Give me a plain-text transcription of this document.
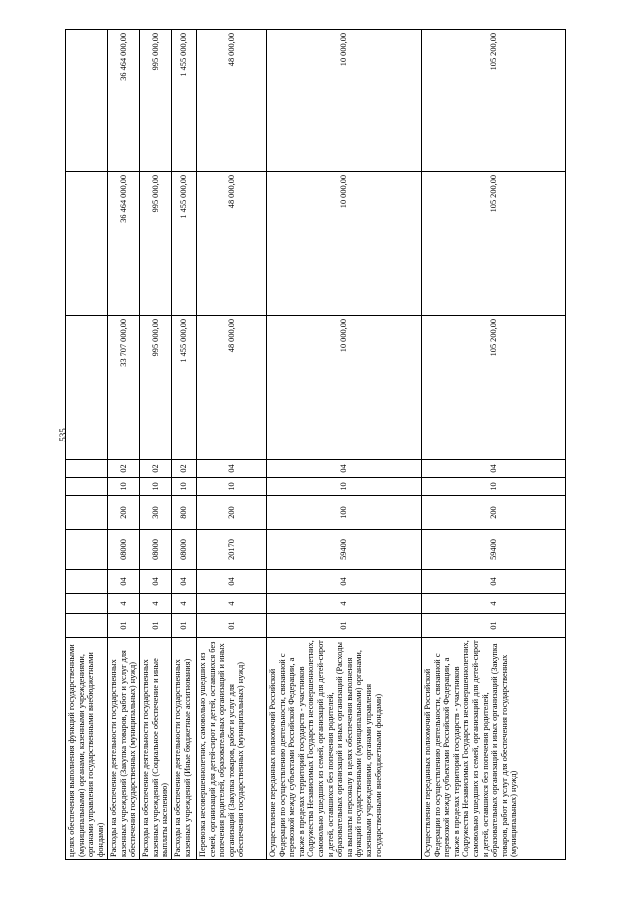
535
целях обеспечения выполнения функций государственными (муниципальными) органами, казенными учреждениями, органами управления государственными внебюджетными фондами)										
Расходы на обеспечение деятельности государственных казенных учреждений (Закупка товаров, работ и услуг для обеспечения государственных (муниципальных) нужд)	01	4	04	08000	200	10	02	33 707 000,00	36 464 000,00	36 464 000,00
Расходы на обеспечение деятельности государственных казенных учреждений (Социальное обеспечение и иные выплаты населению)	01	4	04	08000	300	10	02	995 000,00	995 000,00	995 000,00
Расходы на обеспечение деятельности государственных казенных учреждений (Иные бюджетные ассигнования)	01	4	04	08000	800	10	02	1 455 000,00	1 455 000,00	1 455 000,00
Перевозка несовершеннолетних, самовольно ушедших из семей, организаций для детей-сирот и детей, оставшихся без попечения родителей, образовательных организаций и иных организаций (Закупка товаров, работ и услуг для обеспечения государственных (муниципальных) нужд)	01	4	04	20170	200	10	04	48 000,00	48 000,00	48 000,00
Осуществление переданных полномочий Российской Федерации по осуществлению деятельности, связанной с перевозкой между субъектами Российской Федерации, а также в пределах территорий государств - участников Содружества Независимых Государств несовершеннолетних, самовольно ушедших из семей, организаций для детей-сирот и детей, оставшихся без попечения родителей, образовательных организаций и иных организаций (Расходы на выплаты персоналу в целях обеспечения выполнения функций государственными (муниципальными) органами, казенными учреждениями, органами управления государственными внебюджетными фондами)	01	4	04	59400	100	10	04	10 000,00	10 000,00	10 000,00
Осуществление переданных полномочий Российской Федерации по осуществлению деятельности, связанной с перевозкой между субъектами Российской Федерации, а также в пределах территорий государств - участников Содружества Независимых Государств несовершеннолетних, самовольно ушедших из семей, организаций для детей-сирот и детей, оставшихся без попечения родителей, образовательных организаций и иных организаций (Закупка товаров, работ и услуг для обеспечения государственных (муниципальных) нужд)	01	4	04	59400	200	10	04	105 200,00	105 200,00	105 200,00
